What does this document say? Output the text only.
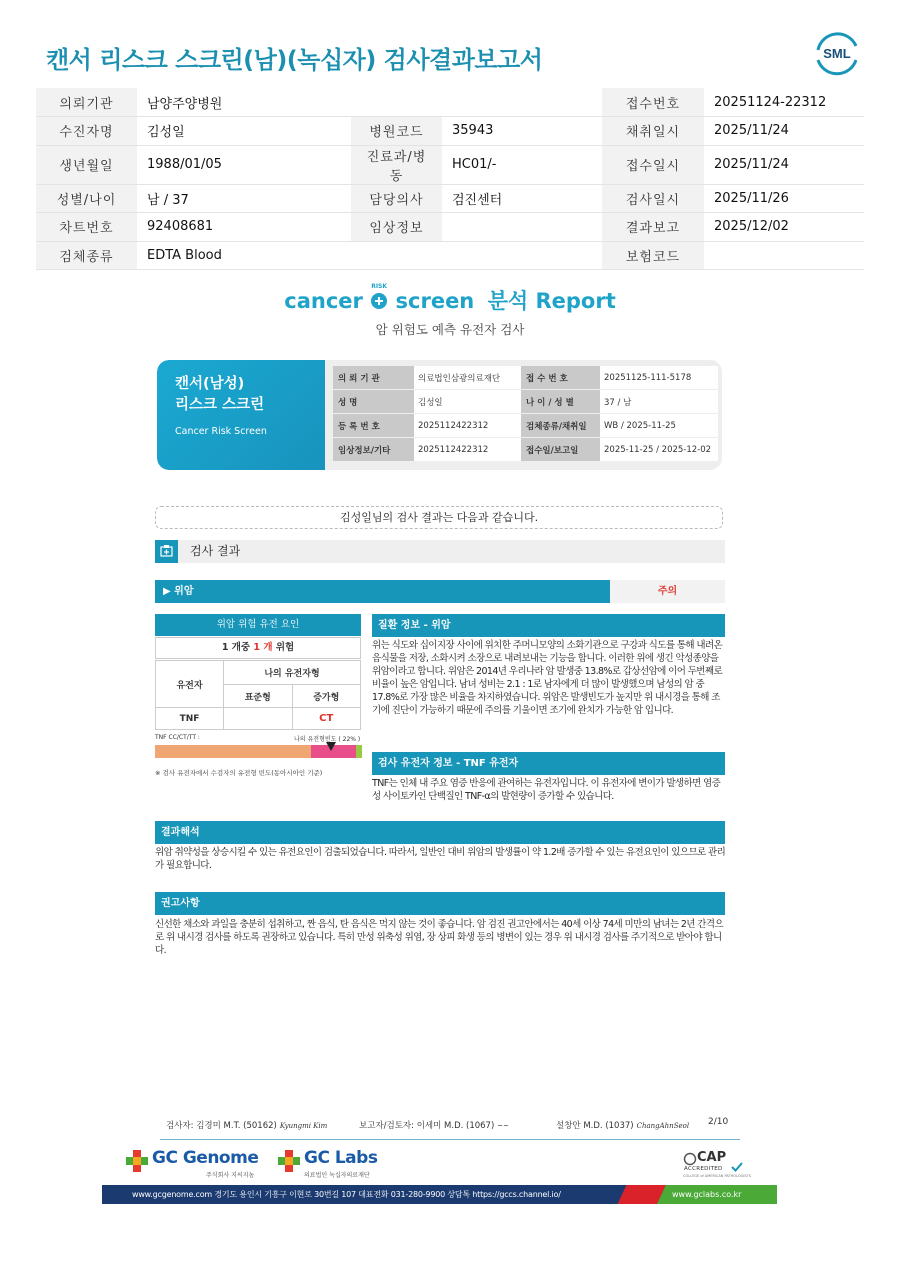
캔서 리스크 스크린(남)(녹십자) 검사결과보고서	SML
의뢰기관	남양주양병원			접수번호	20251124-22312
수진자명	김성일	병원코드	35943	채취일시	2025/11/24
생년월일	1988/01/05	진료과/병동	HC01/-	접수일시	2025/11/24
성별/나이	남 / 37	담당의사	검진센터	검사일시	2025/11/26
차트번호	92408681	임상정보		결과보고	2025/12/02
검체종류	EDTA Blood			보험코드	
cancer
RISK
screen 분석 Report
암 위험도 예측 유전자 검사
캔서(남성)
리스크 스크린
Cancer Risk Screen
의 뢰 기 관	의료법인삼광의료재단	접 수 번 호	20251125-111-5178
성 명	김성일	나 이 / 성 별	37 / 남
등 록 번 호	2025112422312	검체종류/채취일	WB / 2025-11-25
임상정보/기타	2025112422312	접수일/보고일	2025-11-25 / 2025-12-02
김성일님의 검사 결과는 다음과 같습니다.
검사 결과
▶ 위암	주의
위암 위험 유전 요인
1 개중 1 개 위험
유전자	나의 유전자형	
	표준형	증가형
TNF		CT
TNF CC/CT/TT :	나의 유전형빈도 ( 22% )
※ 검사 유전자에서 수검자의 유전형 빈도(동아시아인 기준)
질환 정보 - 위암
위는 식도와 십이지장 사이에 위치한 주머니모양의 소화기관으로 구강과 식도를 통해 내려온 음식물을 저장, 소화시켜 소장으로 내려보내는 기능을 합니다. 이러한 위에 생긴 악성종양을 위암이라고 합니다. 위암은 2014년 우리나라 암 발생중 13.8%로 갑상선암에 이어 두번째로 비율이 높은 암입니다. 남녀 성비는 2.1 : 1로 남자에게 더 많이 발생했으며 남성의 암 중 17.8%로 가장 많은 비율을 차지하였습니다. 위암은 발생빈도가 높지만 위 내시경을 통해 조기에 진단이 가능하기 때문에 주의를 기울이면 조기에 완치가 가능한 암 입니다.
검사 유전자 정보 - TNF 유전자
TNF는 인체 내 주요 염증 반응에 관여하는 유전자입니다. 이 유전자에 변이가 발생하면 염증성 사이토카인 단백질인 TNF-α의 발현량이 증가할 수 있습니다.
결과해석
위암 취약성을 상승시킬 수 있는 유전요인이 검출되었습니다. 따라서, 일반인 대비 위암의 발생률이 약 1.2배 증가할 수 있는 유전요인이 있으므로 관리가 필요합니다.
권고사항
신선한 채소와 과일을 충분히 섭취하고, 짠 음식, 탄 음식은 먹지 않는 것이 좋습니다. 암 검진 권고안에서는 40세 이상 74세 미만의 남녀는 2년 간격으로 위 내시경 검사를 하도록 권장하고 있습니다. 특히 만성 위축성 위염, 장 상피 화생 등의 병변이 있는 경우 위 내시경 검사를 주기적으로 받아야 합니다.
검사자: 김경미 M.T. (50162) Kyungmi Kim	보고자/검토자: 이세미 M.D. (1067) ~~	설창안 M.D. (1037) ChangAhnSeol 2/10
GC Genome
주식회사 지씨지놈
GC Labs
의료법인 녹십자의료재단
CAP
ACCREDITED
COLLEGE of AMERICAN PATHOLOGISTS
www.gcgenome.com 경기도 용인시 기흥구 이현로 30번길 107 대표전화 031-280-9900 상담톡 https://gccs.channel.io/	www.gclabs.co.kr
